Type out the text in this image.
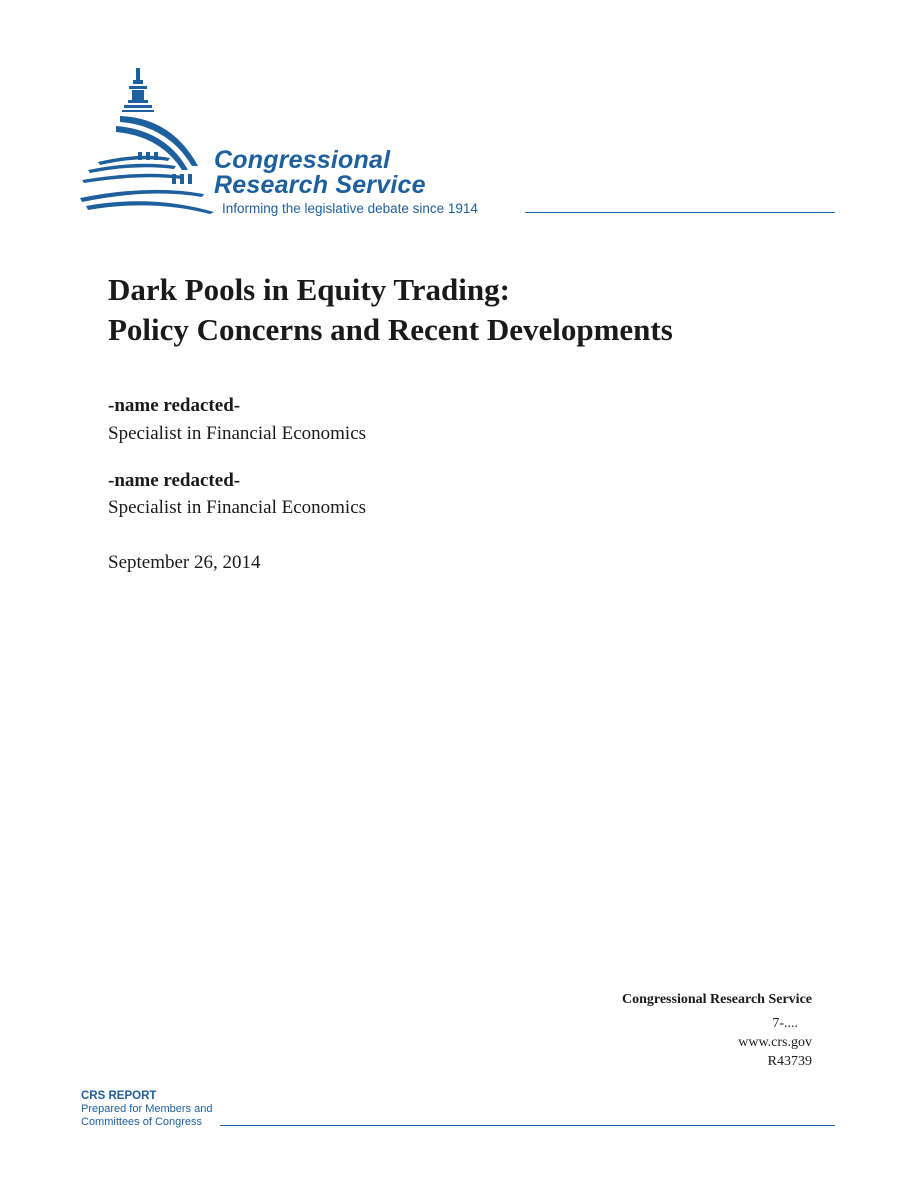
Congressional
Research Service
Informing the legislative debate since 1914
Dark Pools in Equity Trading:
Policy Concerns and Recent Developments
-name redacted-
Specialist in Financial Economics
-name redacted-
Specialist in Financial Economics
September 26, 2014
Congressional Research Service
7-....
www.crs.gov
R43739
CRS REPORT
Prepared for Members and
Committees of Congress
